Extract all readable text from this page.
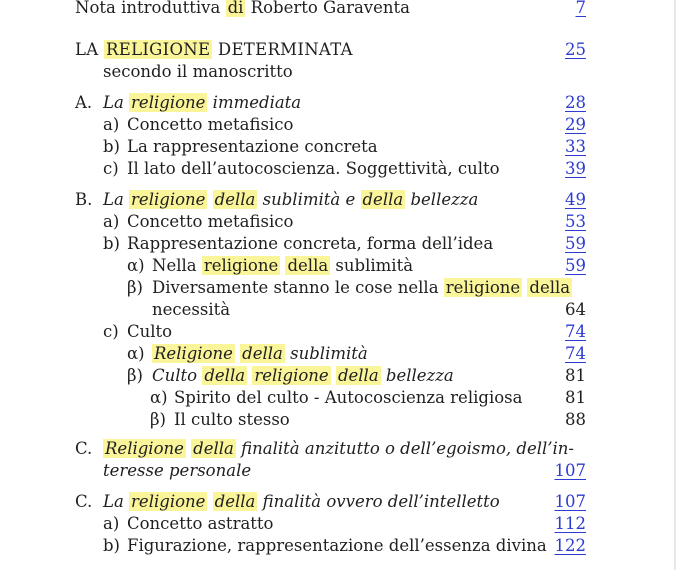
Nota introduttiva di Roberto Garaventa	7
LA RELIGIONE DETERMINATA	25
secondo il manoscritto
A. La religione immediata	28
a) Concetto metafisico	29
b) La rappresentazione concreta	33
c) Il lato dell’autocoscienza. Soggettività, culto	39
B. La religione della sublimità e della bellezza	49
a) Concetto metafisico	53
b) Rappresentazione concreta, forma dell’idea	59
α) Nella religione della sublimità	59
β) Diversamente stanno le cose nella religione della
necessità	64
c) Culto	74
α) Religione della sublimità	74
β) Culto della religione della bellezza	81
α) Spirito del culto - Autocoscienza religiosa	81
β) Il culto stesso	88
C. Religione della finalità anzitutto o dell’egoismo, dell’in-
teresse personale	107
C. La religione della finalità ovvero dell’intelletto	107
a) Concetto astratto	112
b) Figurazione, rappresentazione dell’essenza divina 122
